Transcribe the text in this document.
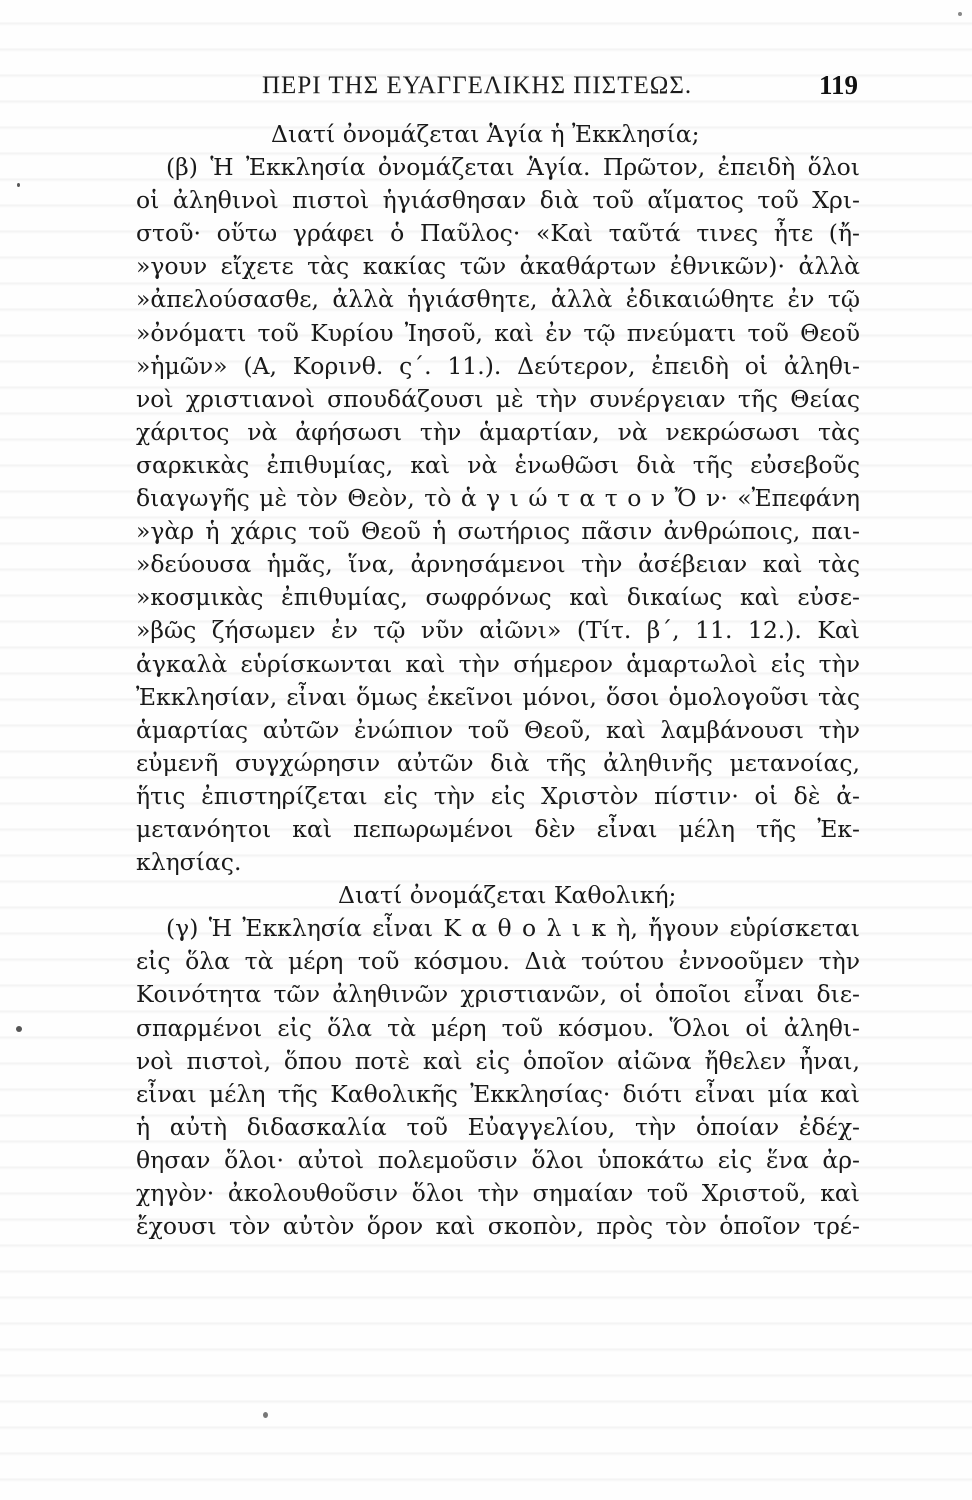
ΠΕΡΙ ΤΗΣ ΕΥΑΓΓΕΛΙΚΗΣ ΠΙΣΤΕΩΣ.	119
Διατί ὀνομάζεται Ἁγία ἡ Ἐκκλησία;
(β) Ἡ Ἐκκλησία ὀνομάζεται Ἁγία. Πρῶτον, ἐπειδὴ ὅλοι
οἱ ἀληθινοὶ πιστοὶ ἡγιάσθησαν διὰ τοῦ αἵματος τοῦ Χρι-
στοῦ· οὕτω γράφει ὁ Παῦλος· «Καὶ ταῦτά τινες ἦτε (ἤ-
»γουν εἴχετε τὰς κακίας τῶν ἀκαθάρτων ἐθνικῶν)· ἀλλὰ
»ἀπελούσασθε, ἀλλὰ ἡγιάσθητε, ἀλλὰ ἐδικαιώθητε ἐν τῷ
»ὀνόματι τοῦ Κυρίου Ἰησοῦ, καὶ ἐν τῷ πνεύματι τοῦ Θεοῦ
»ἡμῶν» (Α, Κορινθ. ς΄. 11.). Δεύτερον, ἐπειδὴ οἱ ἀληθι-
νοὶ χριστιανοὶ σπουδάζουσι μὲ τὴν συνέργειαν τῆς Θείας
χάριτος νὰ ἀφήσωσι τὴν ἁμαρτίαν, νὰ νεκρώσωσι τὰς
σαρκικὰς ἐπιθυμίας, καὶ νὰ ἑνωθῶσι διὰ τῆς εὐσεβοῦς
διαγωγῆς μὲ τὸν Θεὸν, τὸ ἁ γ ι ώ τ α τ ο ν Ὄ ν· «Ἐπεφάνη
»γὰρ ἡ χάρις τοῦ Θεοῦ ἡ σωτήριος πᾶσιν ἀνθρώποις, παι-
»δεύουσα ἡμᾶς, ἵνα, ἀρνησάμενοι τὴν ἀσέβειαν καὶ τὰς
»κοσμικὰς ἐπιθυμίας, σωφρόνως καὶ δικαίως καὶ εὐσε-
»βῶς ζήσωμεν ἐν τῷ νῦν αἰῶνι» (Τίτ. β΄, 11. 12.). Καὶ
ἀγκαλὰ εὑρίσκωνται καὶ τὴν σήμερον ἁμαρτωλοὶ εἰς τὴν
Ἐκκλησίαν, εἶναι ὅμως ἐκεῖνοι μόνοι, ὅσοι ὁμολογοῦσι τὰς
ἁμαρτίας αὐτῶν ἐνώπιον τοῦ Θεοῦ, καὶ λαμβάνουσι τὴν
εὐμενῆ συγχώρησιν αὐτῶν διὰ τῆς ἀληθινῆς μετανοίας,
ἥτις ἐπιστηρίζεται εἰς τὴν εἰς Χριστὸν πίστιν· οἱ δὲ ἀ-
μετανόητοι καὶ πεπωρωμένοι δὲν εἶναι μέλη τῆς Ἐκ-
κλησίας.
Διατί ὀνομάζεται Καθολική;
(γ) Ἡ Ἐκκλησία εἶναι Κ α θ ο λ ι κ ὴ, ἤγουν εὑρίσκεται
εἰς ὅλα τὰ μέρη τοῦ κόσμου. Διὰ τούτου ἐννοοῦμεν τὴν
Κοινότητα τῶν ἀληθινῶν χριστιανῶν, οἱ ὁποῖοι εἶναι διε-
σπαρμένοι εἰς ὅλα τὰ μέρη τοῦ κόσμου. Ὅλοι οἱ ἀληθι-
νοὶ πιστοὶ, ὅπου ποτὲ καὶ εἰς ὁποῖον αἰῶνα ἤθελεν ἦναι,
εἶναι μέλη τῆς Καθολικῆς Ἐκκλησίας· διότι εἶναι μία καὶ
ἡ αὐτὴ διδασκαλία τοῦ Εὐαγγελίου, τὴν ὁποίαν ἐδέχ-
θησαν ὅλοι· αὐτοὶ πολεμοῦσιν ὅλοι ὑποκάτω εἰς ἕνα ἀρ-
χηγὸν· ἀκολουθοῦσιν ὅλοι τὴν σημαίαν τοῦ Χριστοῦ, καὶ
ἔχουσι τὸν αὐτὸν ὅρον καὶ σκοπὸν, πρὸς τὸν ὁποῖον τρέ-
